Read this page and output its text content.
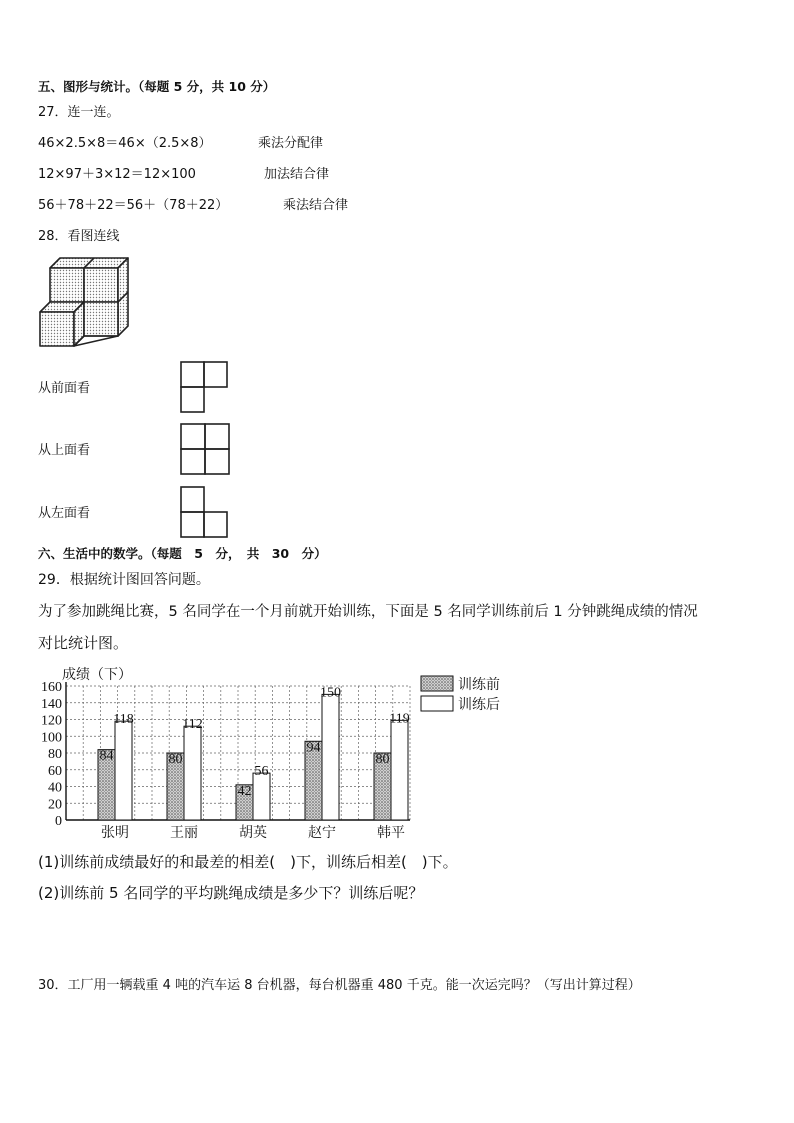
五、图形与统计。（每题 5 分，共 10 分）
27．连一连。
46×2.5×8＝46×（2.5×8）	乘法分配律
12×97＋3×12＝12×100	加法结合律
56＋78＋22＝56＋（78＋22）	乘法结合律
28．看图连线
从前面看
从上面看
从左面看
六、生活中的数学。（每题　5　分，　共　30　分）
29．根据统计图回答问题。
为了参加跳绳比赛，5 名同学在一个月前就开始训练，下面是 5 名同学训练前后 1 分钟跳绳成绩的情况
对比统计图。
0
20
40
60
80
100
120
140
160
成绩（下）
84
118
张明
80
112
王丽
42
56
胡英
94
150
赵宁
80
119
韩平
训练前
训练后
(1)训练前成绩最好的和最差的相差(　)下，训练后相差(　)下。
(2)训练前 5 名同学的平均跳绳成绩是多少下？训练后呢？
30．工厂用一辆载重 4 吨的汽车运 8 台机器，每台机器重 480 千克。能一次运完吗？（写出计算过程）
